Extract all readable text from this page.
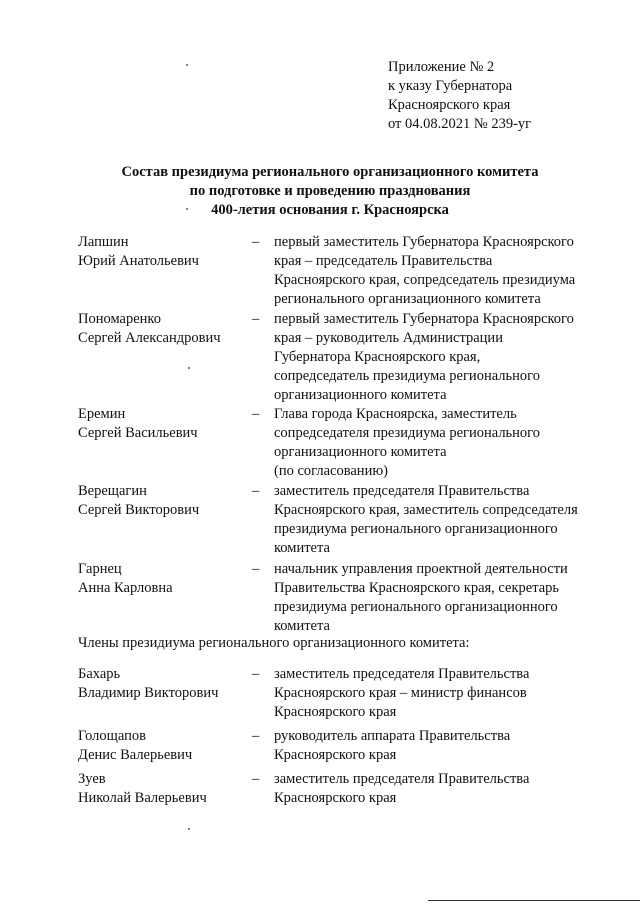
Приложение № 2
к указу Губернатора
Красноярского края
от 04.08.2021 № 239-уг
Состав президиума регионального организационного комитета
по подготовке и проведению празднования
400-летия основания г. Красноярска
Лапшин
Юрий Анатольевич
– первый заместитель Губернатора Красноярского
края – председатель Правительства
Красноярского края, сопредседатель президиума
регионального организационного комитета
Пономаренко
Сергей Александрович
– первый заместитель Губернатора Красноярского
края – руководитель Администрации
Губернатора Красноярского края,
сопредседатель президиума регионального
организационного комитета
Еремин
Сергей Васильевич
– Глава города Красноярска, заместитель
сопредседателя президиума регионального
организационного комитета
(по согласованию)
Верещагин
Сергей Викторович
– заместитель председателя Правительства
Красноярского края, заместитель сопредседателя
президиума регионального организационного
комитета
Гарнец
Анна Карловна
– начальник управления проектной деятельности
Правительства Красноярского края, секретарь
президиума регионального организационного
комитета
Члены президиума регионального организационного комитета:
Бахарь
Владимир Викторович
– заместитель председателя Правительства
Красноярского края – министр финансов
Красноярского края
Голощапов
Денис Валерьевич
– руководитель аппарата Правительства
Красноярского края
Зуев
Николай Валерьевич
– заместитель председателя Правительства
Красноярского края
